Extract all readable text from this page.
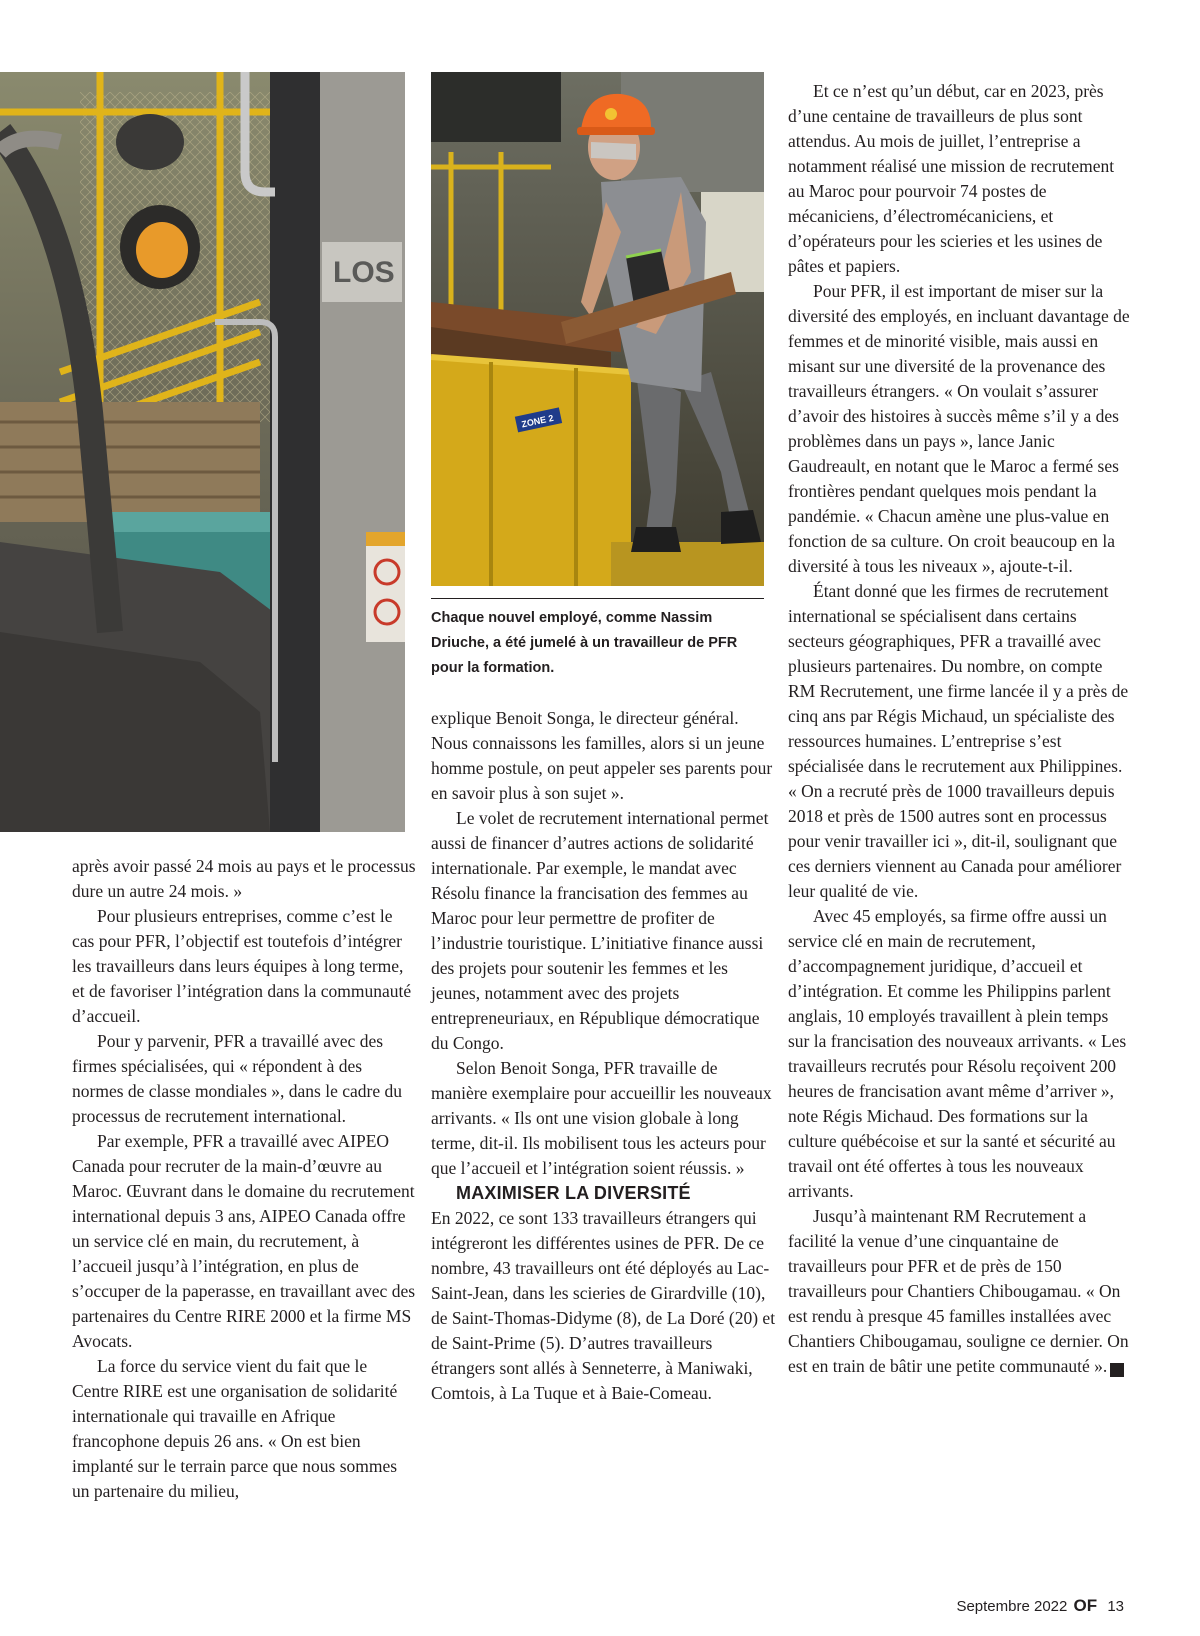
LOS
ZONE 2

Chaque nouvel employé, comme Nassim Driuche, a été jumelé à un travailleur de PFR pour la formation.

après avoir passé 24 mois au pays et le processus dure un autre 24 mois. »

Pour plusieurs entreprises, comme c’est le cas pour PFR, l’objectif est toutefois d’intégrer les travailleurs dans leurs équipes à long terme, et de favoriser l’intégration dans la communauté d’accueil.

Pour y parvenir, PFR a travaillé avec des firmes spécialisées, qui « répondent à des normes de classe mondiales », dans le cadre du processus de recrutement international.

Par exemple, PFR a travaillé avec AIPEO Canada pour recruter de la main-d’œuvre au Maroc. Œuvrant dans le domaine du recrutement international depuis 3 ans, AIPEO Canada offre un service clé en main, du recrutement, à l’accueil jusqu’à l’intégration, en plus de s’occuper de la paperasse, en travaillant avec des partenaires du Centre RIRE 2000 et la firme MS Avocats.

La force du service vient du fait que le Centre RIRE est une organisation de solidarité internationale qui travaille en Afrique francophone depuis 26 ans. « On est bien implanté sur le terrain parce que nous sommes un partenaire du milieu,

explique Benoit Songa, le directeur général. Nous connaissons les familles, alors si un jeune homme postule, on peut appeler ses parents pour en savoir plus à son sujet ».

Le volet de recrutement international permet aussi de financer d’autres actions de solidarité internationale. Par exemple, le mandat avec Résolu finance la francisation des femmes au Maroc pour leur permettre de profiter de l’industrie touristique. L’initiative finance aussi des projets pour soutenir les femmes et les jeunes, notamment avec des projets entrepreneuriaux, en République démocratique du Congo.

Selon Benoit Songa, PFR travaille de manière exemplaire pour accueillir les nouveaux arrivants. « Ils ont une vision globale à long terme, dit-il. Ils mobilisent tous les acteurs pour que l’accueil et l’intégration soient réussis. »

MAXIMISER LA DIVERSITÉ

En 2022, ce sont 133 travailleurs étrangers qui intégreront les différentes usines de PFR. De ce nombre, 43 travailleurs ont été déployés au Lac-Saint-Jean, dans les scieries de Girardville (10), de Saint-Thomas-Didyme (8), de La Doré (20) et de Saint-Prime (5). D’autres travailleurs étrangers sont allés à Senneterre, à Maniwaki, Comtois, à La Tuque et à Baie-Comeau.

Et ce n’est qu’un début, car en 2023, près d’une centaine de travailleurs de plus sont attendus. Au mois de juillet, l’entreprise a notamment réalisé une mission de recrutement au Maroc pour pourvoir 74 postes de mécaniciens, d’électromécaniciens, et d’opérateurs pour les scieries et les usines de pâtes et papiers.

Pour PFR, il est important de miser sur la diversité des employés, en incluant davantage de femmes et de minorité visible, mais aussi en misant sur une diversité de la provenance des travailleurs étrangers. « On voulait s’assurer d’avoir des histoires à succès même s’il y a des problèmes dans un pays », lance Janic Gaudreault, en notant que le Maroc a fermé ses frontières pendant quelques mois pendant la pandémie. « Chacun amène une plus-value en fonction de sa culture. On croit beaucoup en la diversité à tous les niveaux », ajoute-t-il.

Étant donné que les firmes de recrutement international se spécialisent dans certains secteurs géographiques, PFR a travaillé avec plusieurs partenaires. Du nombre, on compte RM Recrutement, une firme lancée il y a près de cinq ans par Régis Michaud, un spécialiste des ressources humaines. L’entreprise s’est spécialisée dans le recrutement aux Philippines. « On a recruté près de 1000 travailleurs depuis 2018 et près de 1500 autres sont en processus pour venir travailler ici », dit-il, soulignant que ces derniers viennent au Canada pour améliorer leur qualité de vie.

Avec 45 employés, sa firme offre aussi un service clé en main de recrutement, d’accompagnement juridique, d’accueil et d’intégration. Et comme les Philippins parlent anglais, 10 employés travaillent à plein temps sur la francisation des nouveaux arrivants. « Les travailleurs recrutés pour Résolu reçoivent 200 heures de francisation avant même d’arriver », note Régis Michaud. Des formations sur la culture québécoise et sur la santé et sécurité au travail ont été offertes à tous les nouveaux arrivants.

Jusqu’à maintenant RM Recrutement a facilité la venue d’une cinquantaine de travailleurs pour PFR et de près de 150 travailleurs pour Chantiers Chibougamau. « On est rendu à presque 45 familles installées avec Chantiers Chibougamau, souligne ce dernier. On est en train de bâtir une petite communauté ».	OF

Septembre 2022 OF 13
